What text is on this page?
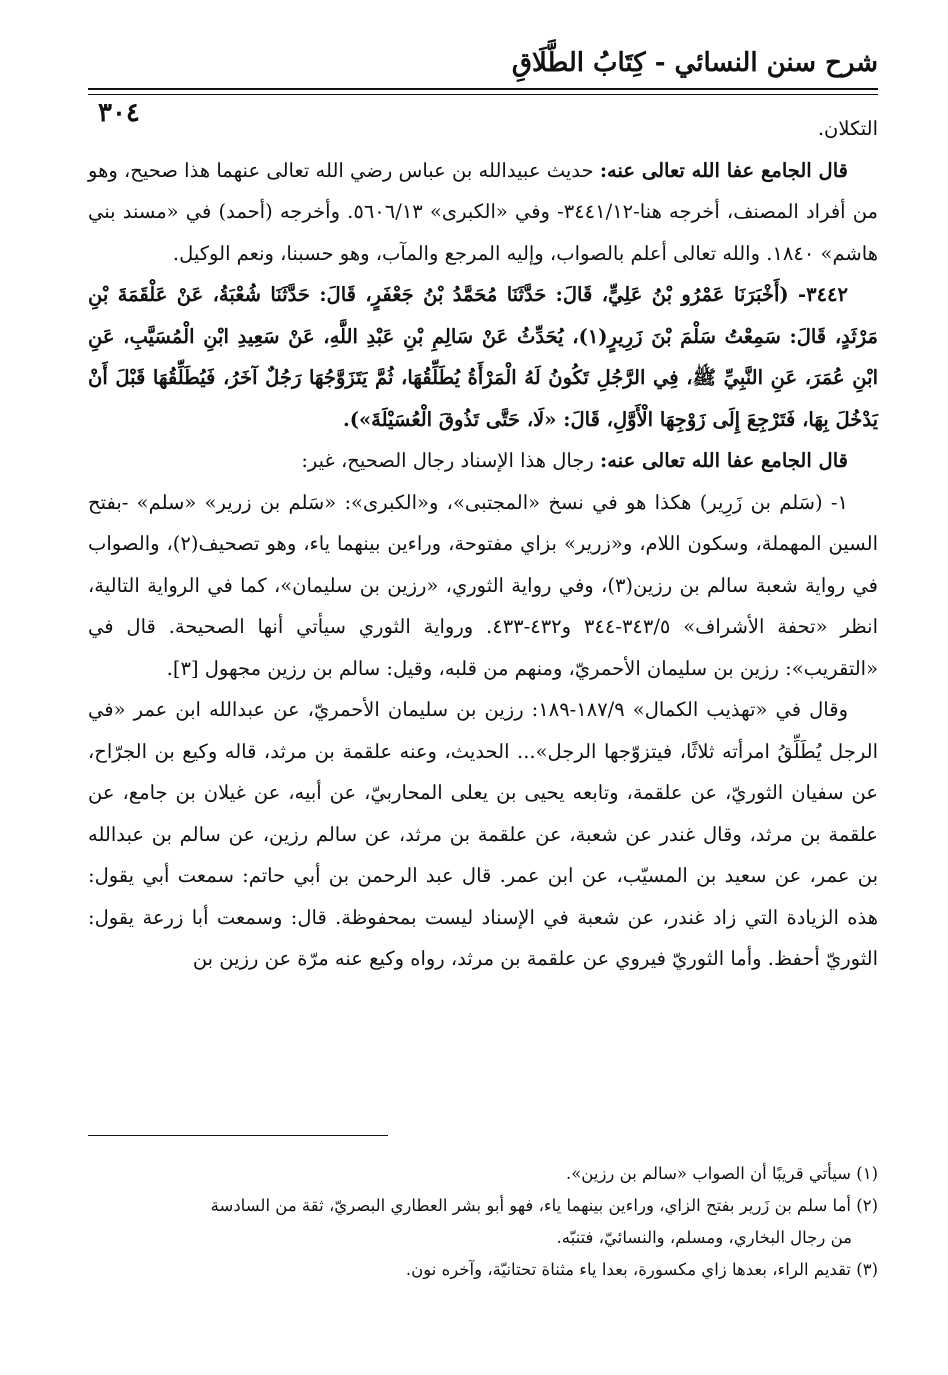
شرح سنن النسائي - كِتَابُ الطَّلَاقِ
٣٠٤

التكلان.

قال الجامع عفا الله تعالى عنه: حديث عبيدالله بن عباس رضي الله تعالى عنهما هذا صحيح، وهو من أفراد المصنف، أخرجه هنا-٣٤٤١/١٢- وفي «الكبرى» ٥٦٠٦/١٣. وأخرجه (أحمد) في «مسند بني هاشم» ١٨٤٠. والله تعالى أعلم بالصواب، وإليه المرجع والمآب، وهو حسبنا، ونعم الوكيل.

٣٤٤٢- (أَخْبَرَنَا عَمْرُو بْنُ عَلِيٍّ، قَالَ: حَدَّثَنَا مُحَمَّدُ بْنُ جَعْفَرٍ، قَالَ: حَدَّثَنَا شُعْبَةُ، عَنْ عَلْقَمَةَ بْنِ مَرْثَدٍ، قَالَ: سَمِعْتُ سَلْمَ بْنَ زَرِيرٍ(١)، يُحَدِّثُ عَنْ سَالِمِ بْنِ عَبْدِ اللَّهِ، عَنْ سَعِيدِ ابْنِ الْمُسَيَّبِ، عَنِ ابْنِ عُمَرَ، عَنِ النَّبِيِّ ﷺ، فِي الرَّجُلِ تَكُونُ لَهُ الْمَرْأَةُ يُطَلِّقُهَا، ثُمَّ يَتَزَوَّجُهَا رَجُلٌ آخَرُ، فَيُطَلِّقُهَا قَبْلَ أَنْ يَدْخُلَ بِهَا، فَتَرْجِعَ إِلَى زَوْجِهَا الْأَوَّلِ، قَالَ: «لَا، حَتَّى تَذُوقَ الْعُسَيْلَةَ»).

قال الجامع عفا الله تعالى عنه: رجال هذا الإسناد رجال الصحيح، غير:

١- (سَلم بن زَرِير) هكذا هو في نسخ «المجتبى»، و«الكبرى»: «سَلم بن زرير» «سلم» -بفتح السين المهملة، وسكون اللام، و«زرير» بزاي مفتوحة، وراءين بينهما ياء، وهو تصحيف(٢)، والصواب في رواية شعبة سالم بن رزين(٣)، وفي رواية الثوري، «رزين بن سليمان»، كما في الرواية التالية، انظر «تحفة الأشراف» ٣٤٣/٥-٣٤٤ و٤٣٢-٤٣٣. ورواية الثوري سيأتي أنها الصحيحة. قال في «التقريب»: رزين بن سليمان الأحمريّ، ومنهم من قلبه، وقيل: سالم بن رزين مجهول [٣].

وقال في «تهذيب الكمال» ١٨٧/٩-١٨٩: رزين بن سليمان الأحمريّ، عن عبدالله ابن عمر «في الرجل يُطَلِّقُ امرأته ثلاثًا، فيتزوّجها الرجل»... الحديث، وعنه علقمة بن مرثد، قاله وكيع بن الجرّاح، عن سفيان الثوريّ، عن علقمة، وتابعه يحيى بن يعلى المحاربيّ، عن أبيه، عن غيلان بن جامع، عن علقمة بن مرثد، وقال غندر عن شعبة، عن علقمة بن مرثد، عن سالم رزين، عن سالم بن عبدالله بن عمر، عن سعيد بن المسيّب، عن ابن عمر. قال عبد الرحمن بن أبي حاتم: سمعت أبي يقول: هذه الزيادة التي زاد غندر، عن شعبة في الإسناد ليست بمحفوظة. قال: وسمعت أبا زرعة يقول: الثوريّ أحفظ. وأما الثوريّ فيروي عن علقمة بن مرثد، رواه وكيع عنه مرّة عن رزين بن

(١) سيأتي قريبًا أن الصواب «سالم بن رزين».

(٢) أما سلم بن زَرير بفتح الزاي، وراءين بينهما ياء، فهو أبو بشر العطاري البصريّ، ثقة من السادسة

من رجال البخاري، ومسلم، والنسائيّ، فتنبّه.

(٣) تقديم الراء، بعدها زاي مكسورة، بعدا ياء مثناة تحتانيّة، وآخره نون.
